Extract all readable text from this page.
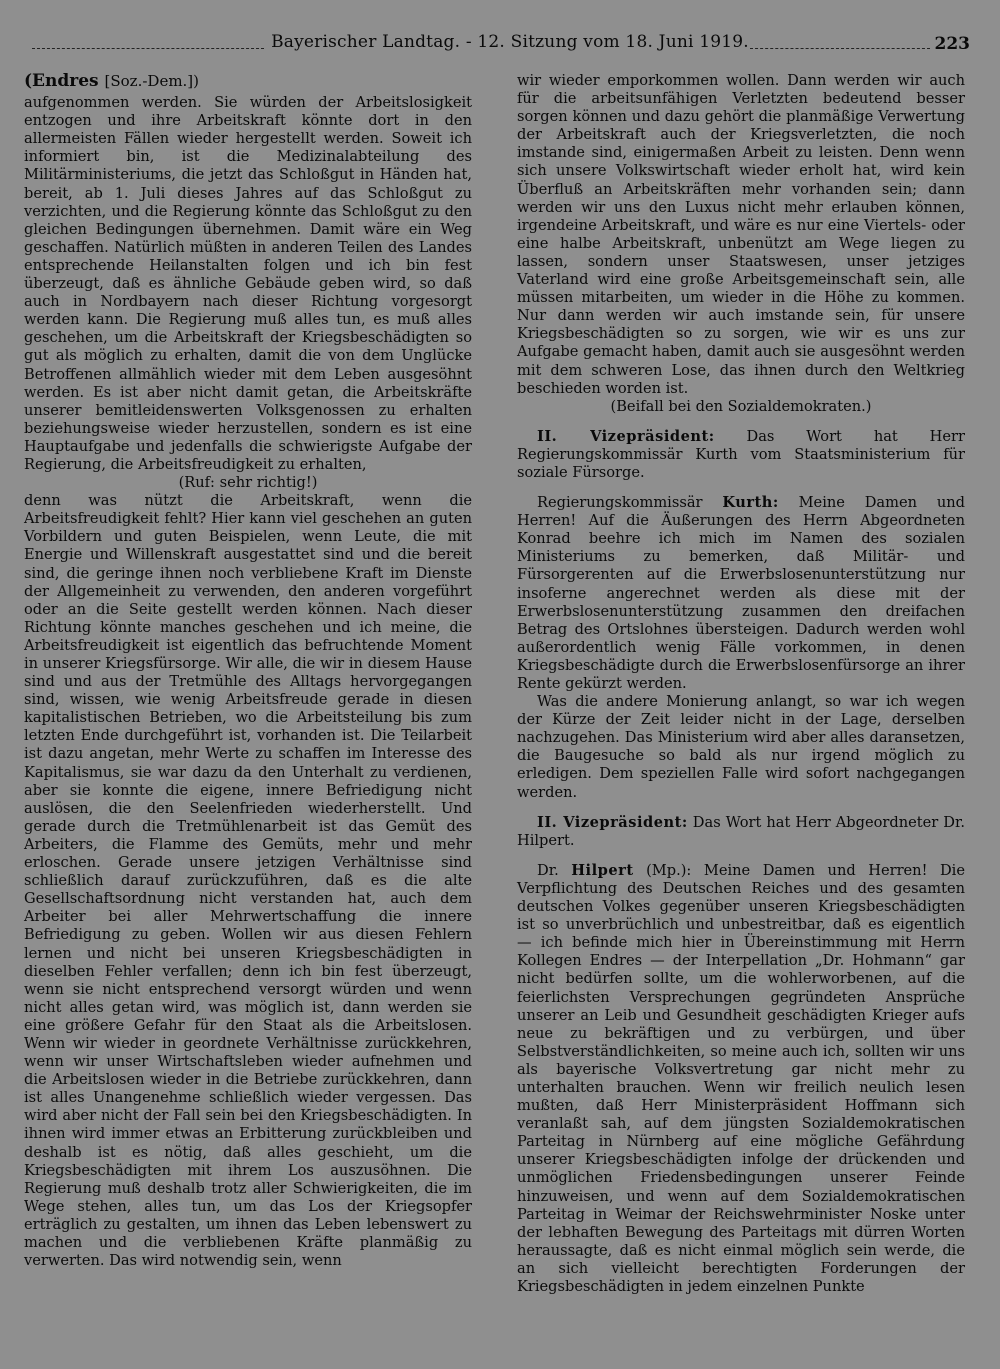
Bayerischer Landtag. - 12. Sitzung vom 18. Juni 1919.	223
(Endres [Soz.-Dem.])

aufgenommen werden. Sie würden der Arbeitslosigkeit entzogen und ihre Arbeitskraft könnte dort in den allermeisten Fällen wieder hergestellt werden. Soweit ich informiert bin, ist die Medizinalabteilung des Militärministeriums, die jetzt das Schloßgut in Händen hat, bereit, ab 1. Juli dieses Jahres auf das Schloßgut zu verzichten, und die Regierung könnte das Schloßgut zu den gleichen Bedingungen übernehmen. Damit wäre ein Weg geschaffen. Natürlich müßten in anderen Teilen des Landes entsprechende Heilanstalten folgen und ich bin fest überzeugt, daß es ähnliche Gebäude geben wird, so daß auch in Nordbayern nach dieser Richtung vorgesorgt werden kann. Die Regierung muß alles tun, es muß alles geschehen, um die Arbeitskraft der Kriegsbeschädigten so gut als möglich zu erhalten, damit die von dem Unglücke Betroffenen allmählich wieder mit dem Leben ausgesöhnt werden. Es ist aber nicht damit getan, die Arbeitskräfte unserer bemitleidenswerten Volksgenossen zu erhalten beziehungsweise wieder herzustellen, sondern es ist eine Hauptaufgabe und jedenfalls die schwierigste Aufgabe der Regierung, die Arbeitsfreudigkeit zu erhalten,

(Ruf: sehr richtig!)

denn was nützt die Arbeitskraft, wenn die Arbeitsfreudigkeit fehlt? Hier kann viel geschehen an guten Vorbildern und guten Beispielen, wenn Leute, die mit Energie und Willenskraft ausgestattet sind und die bereit sind, die geringe ihnen noch verbliebene Kraft im Dienste der Allgemeinheit zu verwenden, den anderen vorgeführt oder an die Seite gestellt werden können. Nach dieser Richtung könnte manches geschehen und ich meine, die Arbeitsfreudigkeit ist eigentlich das befruchtende Moment in unserer Kriegsfürsorge. Wir alle, die wir in diesem Hause sind und aus der Tretmühle des Alltags hervorgegangen sind, wissen, wie wenig Arbeitsfreude gerade in diesen kapitalistischen Betrieben, wo die Arbeitsteilung bis zum letzten Ende durchgeführt ist, vorhanden ist. Die Teilarbeit ist dazu angetan, mehr Werte zu schaffen im Interesse des Kapitalismus, sie war dazu da den Unterhalt zu verdienen, aber sie konnte die eigene, innere Befriedigung nicht auslösen, die den Seelenfrieden wiederherstellt. Und gerade durch die Tretmühlenarbeit ist das Gemüt des Arbeiters, die Flamme des Gemüts, mehr und mehr erloschen. Gerade unsere jetzigen Verhältnisse sind schließlich darauf zurückzuführen, daß es die alte Gesellschaftsordnung nicht verstanden hat, auch dem Arbeiter bei aller Mehrwertschaffung die innere Befriedigung zu geben. Wollen wir aus diesen Fehlern lernen und nicht bei unseren Kriegsbeschädigten in dieselben Fehler verfallen; denn ich bin fest überzeugt, wenn sie nicht entsprechend versorgt würden und wenn nicht alles getan wird, was möglich ist, dann werden sie eine größere Gefahr für den Staat als die Arbeitslosen. Wenn wir wieder in geordnete Verhältnisse zurückkehren, wenn wir unser Wirtschaftsleben wieder aufnehmen und die Arbeitslosen wieder in die Betriebe zurückkehren, dann ist alles Unangenehme schließlich wieder vergessen. Das wird aber nicht der Fall sein bei den Kriegsbeschädigten. In ihnen wird immer etwas an Erbitterung zurückbleiben und deshalb ist es nötig, daß alles geschieht, um die Kriegsbeschädigten mit ihrem Los auszusöhnen. Die Regierung muß deshalb trotz aller Schwierigkeiten, die im Wege stehen, alles tun, um das Los der Kriegsopfer erträglich zu gestalten, um ihnen das Leben lebenswert zu machen und die verbliebenen Kräfte planmäßig zu verwerten. Das wird notwendig sein, wenn

wir wieder emporkommen wollen. Dann werden wir auch für die arbeitsunfähigen Verletzten bedeutend besser sorgen können und dazu gehört die planmäßige Verwertung der Arbeitskraft auch der Kriegsverletzten, die noch imstande sind, einigermaßen Arbeit zu leisten. Denn wenn sich unsere Volkswirtschaft wieder erholt hat, wird kein Überfluß an Arbeitskräften mehr vorhanden sein; dann werden wir uns den Luxus nicht mehr erlauben können, irgendeine Arbeitskraft, und wäre es nur eine Viertels- oder eine halbe Arbeitskraft, unbenützt am Wege liegen zu lassen, sondern unser Staatswesen, unser jetziges Vaterland wird eine große Arbeitsgemeinschaft sein, alle müssen mitarbeiten, um wieder in die Höhe zu kommen. Nur dann werden wir auch imstande sein, für unsere Kriegsbeschädigten so zu sorgen, wie wir es uns zur Aufgabe gemacht haben, damit auch sie ausgesöhnt werden mit dem schweren Lose, das ihnen durch den Weltkrieg beschieden worden ist.

(Beifall bei den Sozialdemokraten.)

II. Vizepräsident: Das Wort hat Herr Regierungskommissär Kurth vom Staatsministerium für soziale Fürsorge.

Regierungskommissär Kurth: Meine Damen und Herren! Auf die Äußerungen des Herrn Abgeordneten Konrad beehre ich mich im Namen des sozialen Ministeriums zu bemerken, daß Militär- und Fürsorgerenten auf die Erwerbslosenunterstützung nur insoferne angerechnet werden als diese mit der Erwerbslosenunterstützung zusammen den dreifachen Betrag des Ortslohnes übersteigen. Dadurch werden wohl außerordentlich wenig Fälle vorkommen, in denen Kriegsbeschädigte durch die Erwerbslosenfürsorge an ihrer Rente gekürzt werden.

Was die andere Monierung anlangt, so war ich wegen der Kürze der Zeit leider nicht in der Lage, derselben nachzugehen. Das Ministerium wird aber alles daransetzen, die Baugesuche so bald als nur irgend möglich zu erledigen. Dem speziellen Falle wird sofort nachgegangen werden.

II. Vizepräsident: Das Wort hat Herr Abgeordneter Dr. Hilpert.

Dr. Hilpert (Mp.): Meine Damen und Herren! Die Verpflichtung des Deutschen Reiches und des gesamten deutschen Volkes gegenüber unseren Kriegsbeschädigten ist so unverbrüchlich und unbestreitbar, daß es eigentlich — ich befinde mich hier in Übereinstimmung mit Herrn Kollegen Endres — der Interpellation „Dr. Hohmann“ gar nicht bedürfen sollte, um die wohlerworbenen, auf die feierlichsten Versprechungen gegründeten Ansprüche unserer an Leib und Gesundheit geschädigten Krieger aufs neue zu bekräftigen und zu verbürgen, und über Selbstverständlichkeiten, so meine auch ich, sollten wir uns als bayerische Volksvertretung gar nicht mehr zu unterhalten brauchen. Wenn wir freilich neulich lesen mußten, daß Herr Ministerpräsident Hoffmann sich veranlaßt sah, auf dem jüngsten Sozialdemokratischen Parteitag in Nürnberg auf eine mögliche Gefährdung unserer Kriegsbeschädigten infolge der drückenden und unmöglichen Friedensbedingungen unserer Feinde hinzuweisen, und wenn auf dem Sozialdemokratischen Parteitag in Weimar der Reichswehrminister Noske unter der lebhaften Bewegung des Parteitags mit dürren Worten heraussagte, daß es nicht einmal möglich sein werde, die an sich vielleicht berechtigten Forderungen der Kriegsbeschädigten in jedem einzelnen Punkte
